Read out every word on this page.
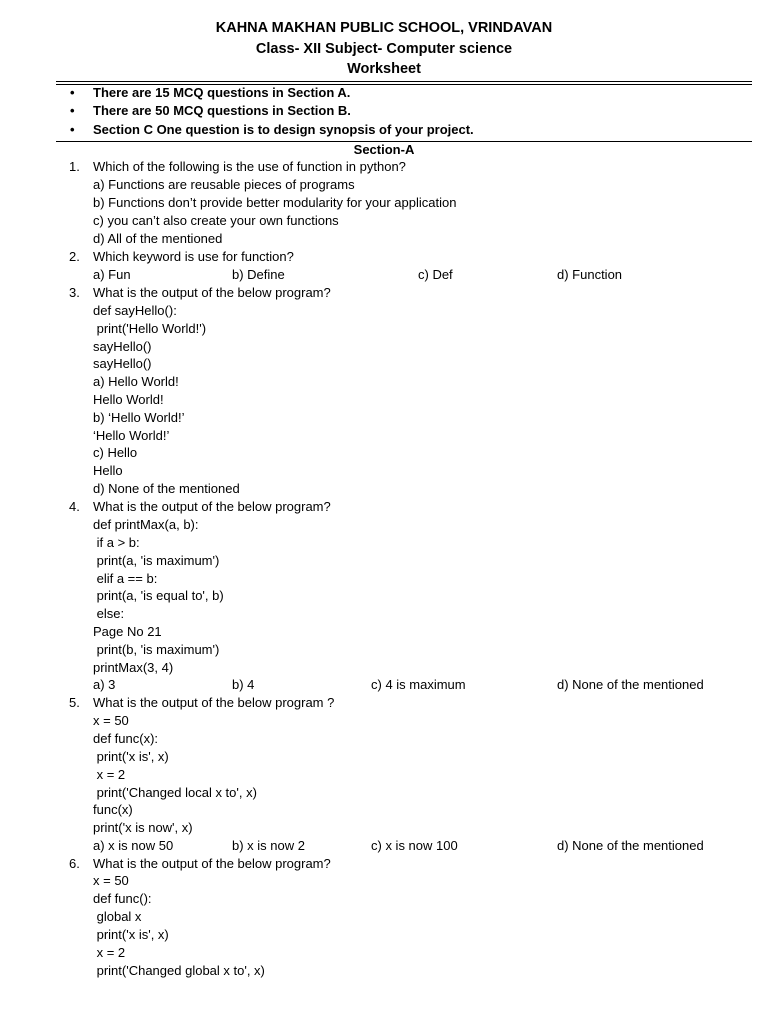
KAHNA MAKHAN PUBLIC SCHOOL, VRINDAVAN
Class- XII Subject- Computer science
Worksheet
• There are 15 MCQ questions in Section A.
• There are 50 MCQ questions in Section B.
• Section C One question is to design synopsis of your project.
Section-A
1. Which of the following is the use of function in python?
a) Functions are reusable pieces of programs
b) Functions don’t provide better modularity for your application
c) you can’t also create your own functions
d) All of the mentioned
2. Which keyword is use for function?
a) Fun	b) Define	c) Def	d) Function
3. What is the output of the below program?
def sayHello():
print('Hello World!')
sayHello()
sayHello()
a) Hello World!
Hello World!
b) ‘Hello World!’
‘Hello World!’
c) Hello
Hello
d) None of the mentioned
4. What is the output of the below program?
def printMax(a, b):
if a > b:
print(a, 'is maximum')
elif a == b:
print(a, 'is equal to', b)
else:
Page No 21
print(b, 'is maximum')
printMax(3, 4)
a) 3	b) 4	c) 4 is maximum	d) None of the mentioned
5. What is the output of the below program ?
x = 50
def func(x):
print('x is', x)
x = 2
print('Changed local x to', x)
func(x)
print('x is now', x)
a) x is now 50	b) x is now 2	c) x is now 100	d) None of the mentioned
6. What is the output of the below program?
x = 50
def func():
global x
print('x is', x)
x = 2
print('Changed global x to', x)
